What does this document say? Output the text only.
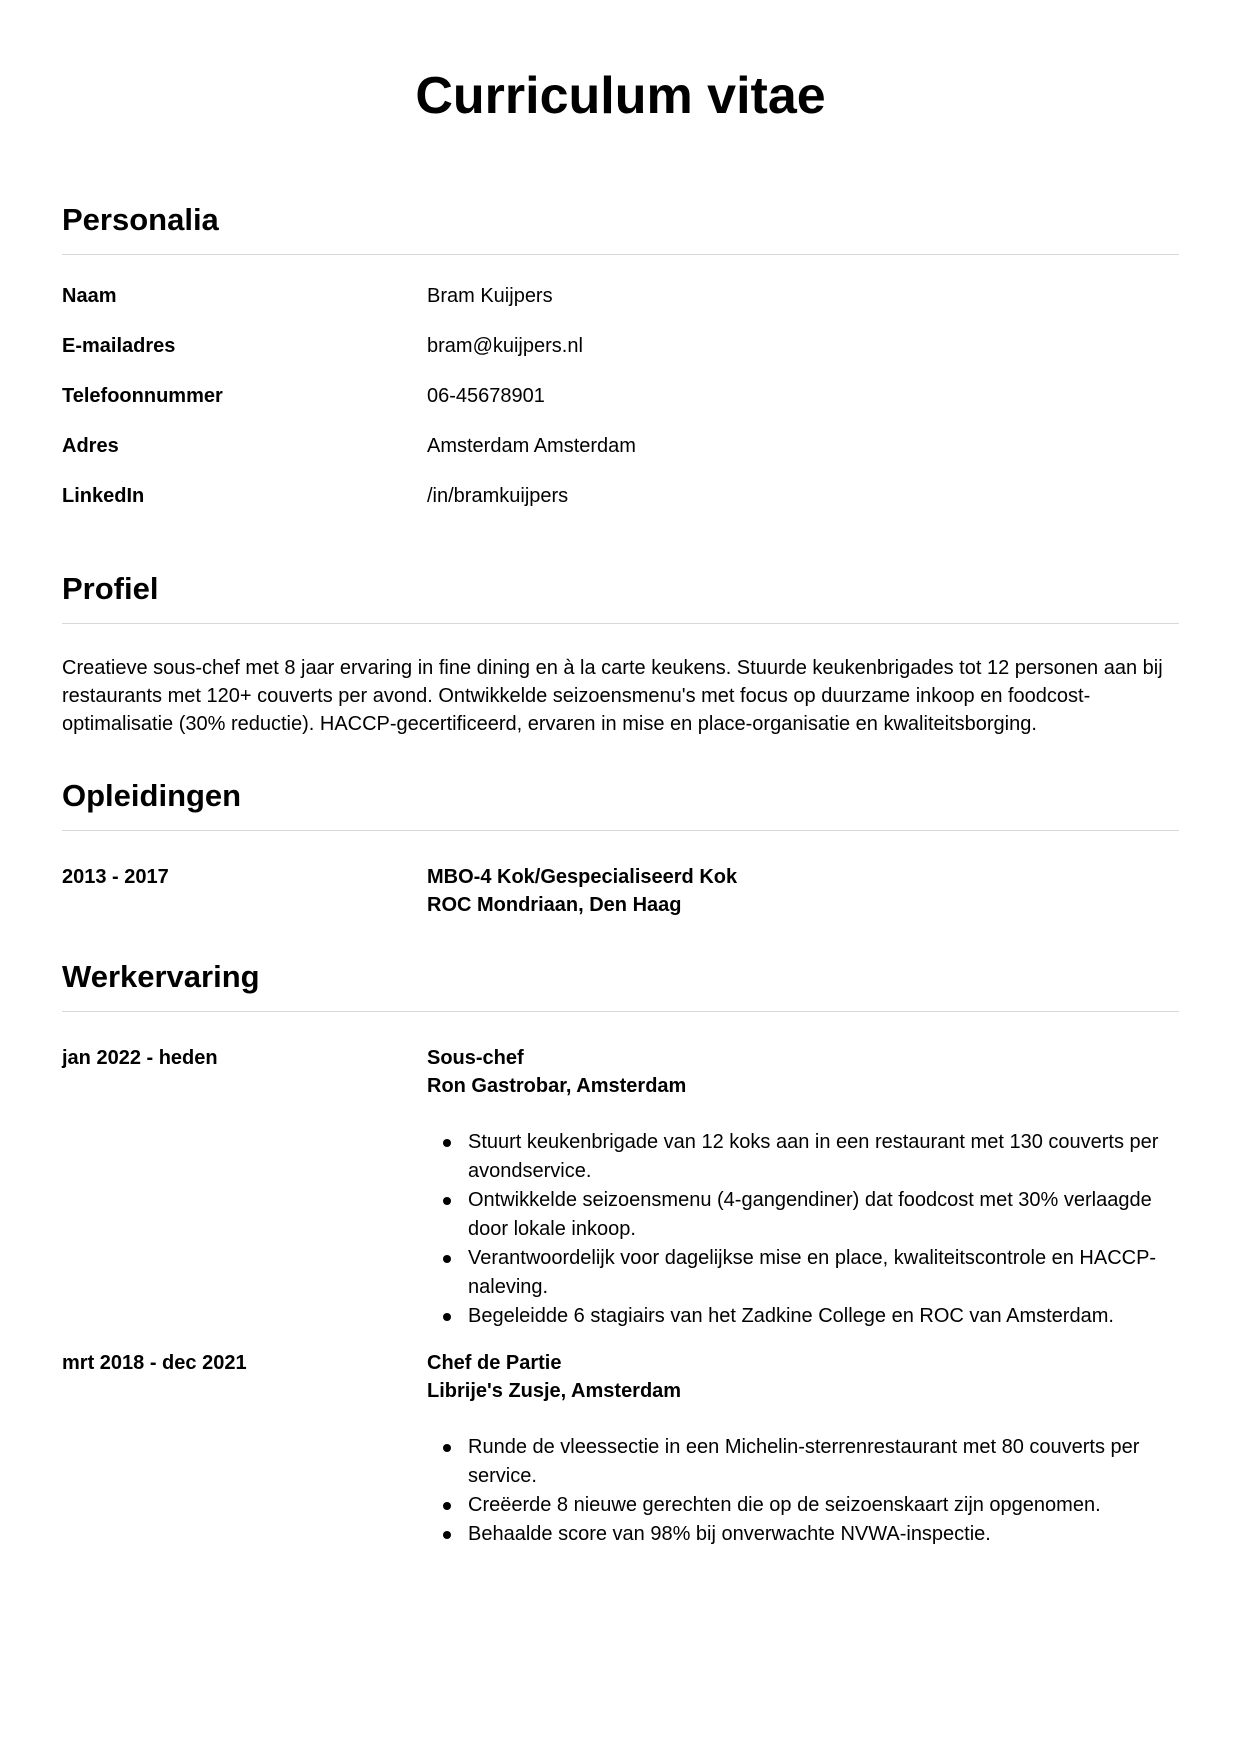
Curriculum vitae
Personalia
Naam	Bram Kuijpers
E-mailadres	bram@kuijpers.nl
Telefoonnummer	06-45678901
Adres	Amsterdam Amsterdam
LinkedIn	/in/bramkuijpers
Profiel

Creatieve sous-chef met 8 jaar ervaring in fine dining en à la carte keukens. Stuurde keukenbrigades tot 12 personen aan bij restaurants met 120+ couverts per avond. Ontwikkelde seizoensmenu's met focus op duurzame inkoop en foodcost-optimalisatie (30% reductie). HACCP-gecertificeerd, ervaren in mise en place-organisatie en kwaliteitsborging.

Opleidingen
2013 - 2017	MBO-4 Kok/Gespecialiseerd Kok
ROC Mondriaan, Den Haag
Werkervaring
jan 2022 - heden	Sous-chef
Ron Gastrobar, Amsterdam
Stuurt keukenbrigade van 12 koks aan in een restaurant met 130 couverts per avondservice.
Ontwikkelde seizoensmenu (4-gangendiner) dat foodcost met 30% verlaagde door lokale inkoop.
Verantwoordelijk voor dagelijkse mise en place, kwaliteitscontrole en HACCP-naleving.
Begeleidde 6 stagiairs van het Zadkine College en ROC van Amsterdam.
mrt 2018 - dec 2021	Chef de Partie
Librije's Zusje, Amsterdam
Runde de vleessectie in een Michelin-sterrenrestaurant met 80 couverts per service.
Creëerde 8 nieuwe gerechten die op de seizoenskaart zijn opgenomen.
Behaalde score van 98% bij onverwachte NVWA-inspectie.
